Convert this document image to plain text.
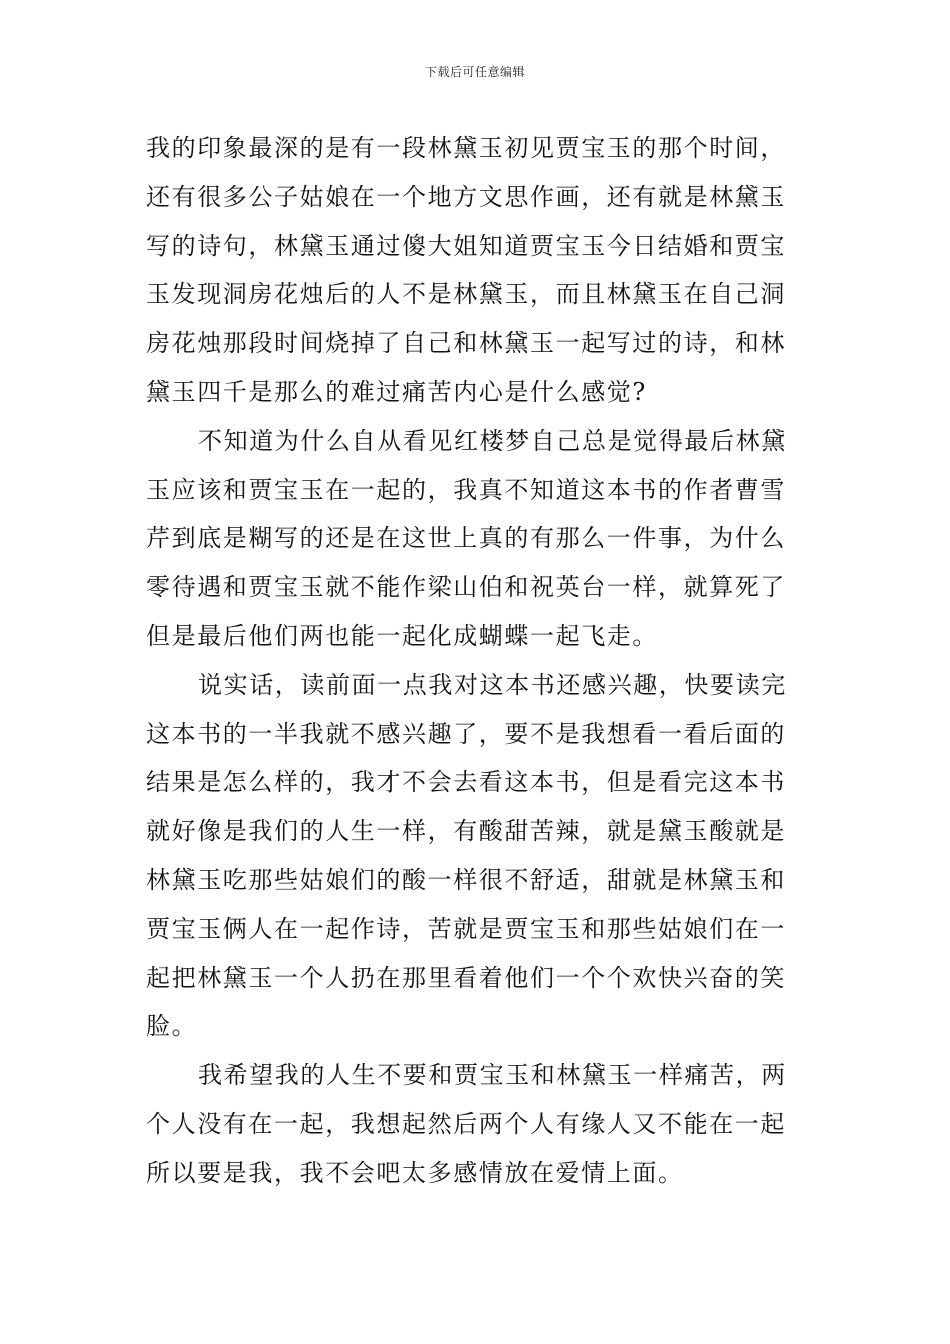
下载后可任意编辑
我的印象最深的是有一段林黛玉初见贾宝玉的那个时间，
还有很多公子姑娘在一个地方文思作画，还有就是林黛玉
写的诗句，林黛玉通过傻大姐知道贾宝玉今日结婚和贾宝
玉发现洞房花烛后的人不是林黛玉，而且林黛玉在自己洞
房花烛那段时间烧掉了自己和林黛玉一起写过的诗，和林
黛玉四千是那么的难过痛苦内心是什么感觉?
不知道为什么自从看见红楼梦自己总是觉得最后林黛
玉应该和贾宝玉在一起的，我真不知道这本书的作者曹雪
芹到底是糊写的还是在这世上真的有那么一件事，为什么
零待遇和贾宝玉就不能作梁山伯和祝英台一样，就算死了
但是最后他们两也能一起化成蝴蝶一起飞走。
说实话，读前面一点我对这本书还感兴趣，快要读完
这本书的一半我就不感兴趣了，要不是我想看一看后面的
结果是怎么样的，我才不会去看这本书，但是看完这本书
就好像是我们的人生一样，有酸甜苦辣，就是黛玉酸就是
林黛玉吃那些姑娘们的酸一样很不舒适，甜就是林黛玉和
贾宝玉俩人在一起作诗，苦就是贾宝玉和那些姑娘们在一
起把林黛玉一个人扔在那里看着他们一个个欢快兴奋的笑
脸。
我希望我的人生不要和贾宝玉和林黛玉一样痛苦，两
个人没有在一起，我想起然后两个人有缘人又不能在一起
所以要是我，我不会吧太多感情放在爱情上面。
